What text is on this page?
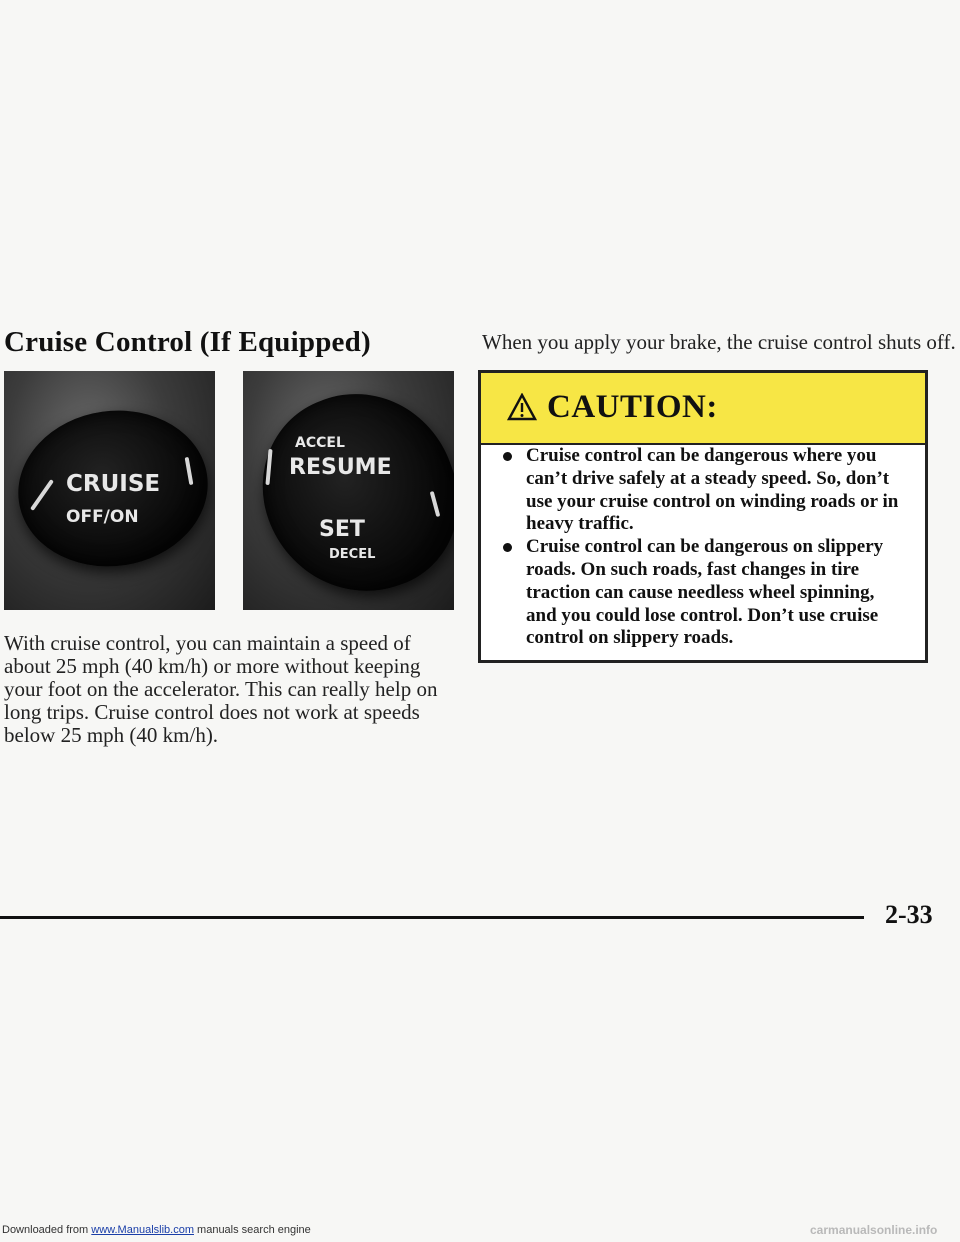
Cruise Control (If Equipped)
CRUISE
OFF/ON
ACCEL
RESUME
SET
DECEL

With cruise control, you can maintain a speed of about 25 mph (40 km/h) or more without keeping your foot on the accelerator. This can really help on long trips. Cruise control does not work at speeds below 25 mph (40 km/h).

When you apply your brake, the cruise control shuts off.

CAUTION:
Cruise control can be dangerous where you can’t drive safely at a steady speed. So, don’t use your cruise control on winding roads or in heavy traffic.
Cruise control can be dangerous on slippery roads. On such roads, fast changes in tire traction can cause needless wheel spinning, and you could lose control. Don’t use cruise control on slippery roads.
2-33
Downloaded from www.Manualslib.com manuals search engine	carmanualsonline.info
